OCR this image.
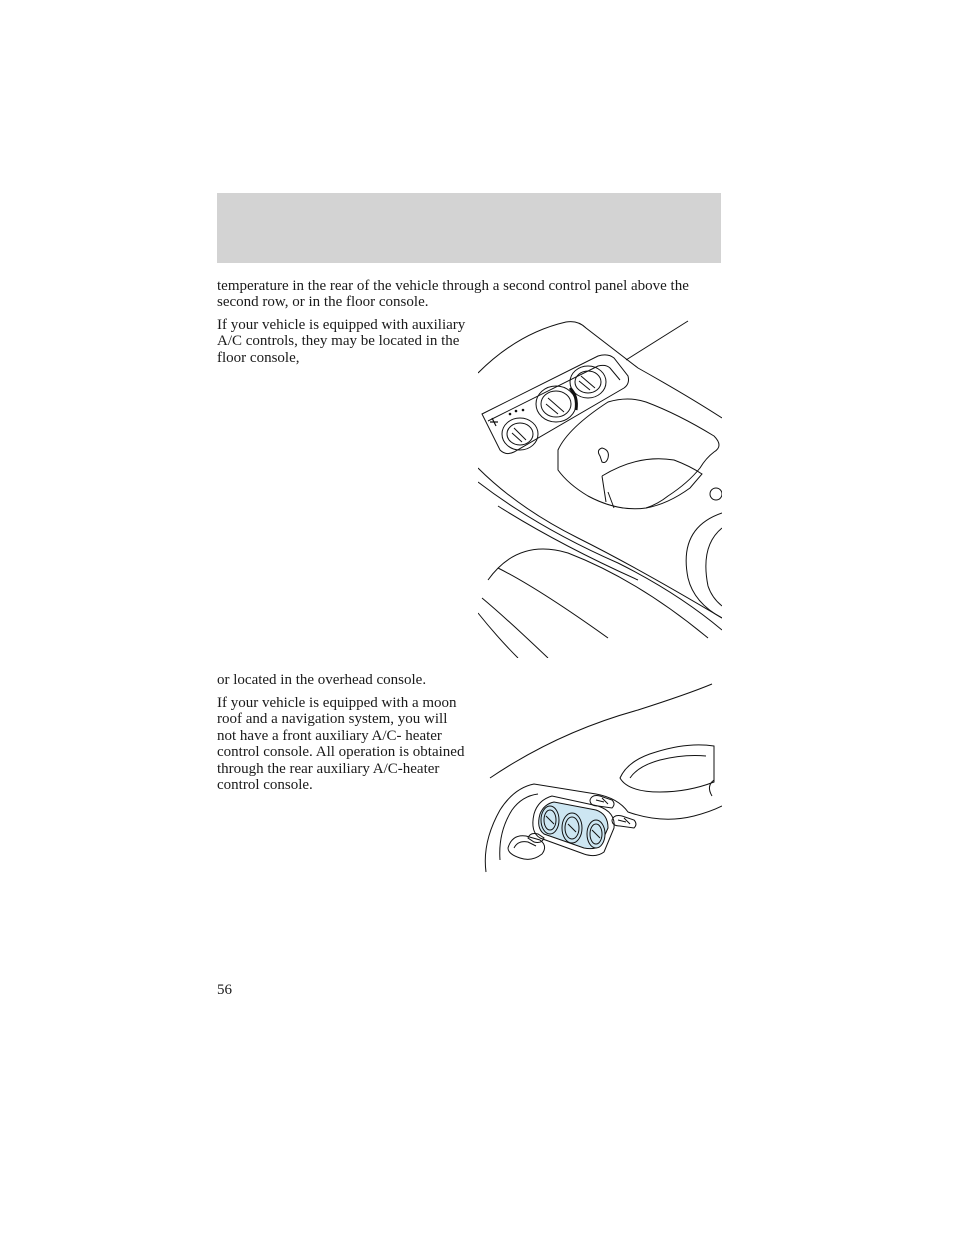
temperature in the rear of the vehicle through a second control panel above the second row, or in the floor console.

If your vehicle is equipped with auxiliary A/C controls, they may be located in the floor console,

or located in the overhead console.

If your vehicle is equipped with a moon roof and a navigation system, you will not have a front auxiliary A/C- heater control console. All operation is obtained through the rear auxiliary A/C-heater control console.

56
